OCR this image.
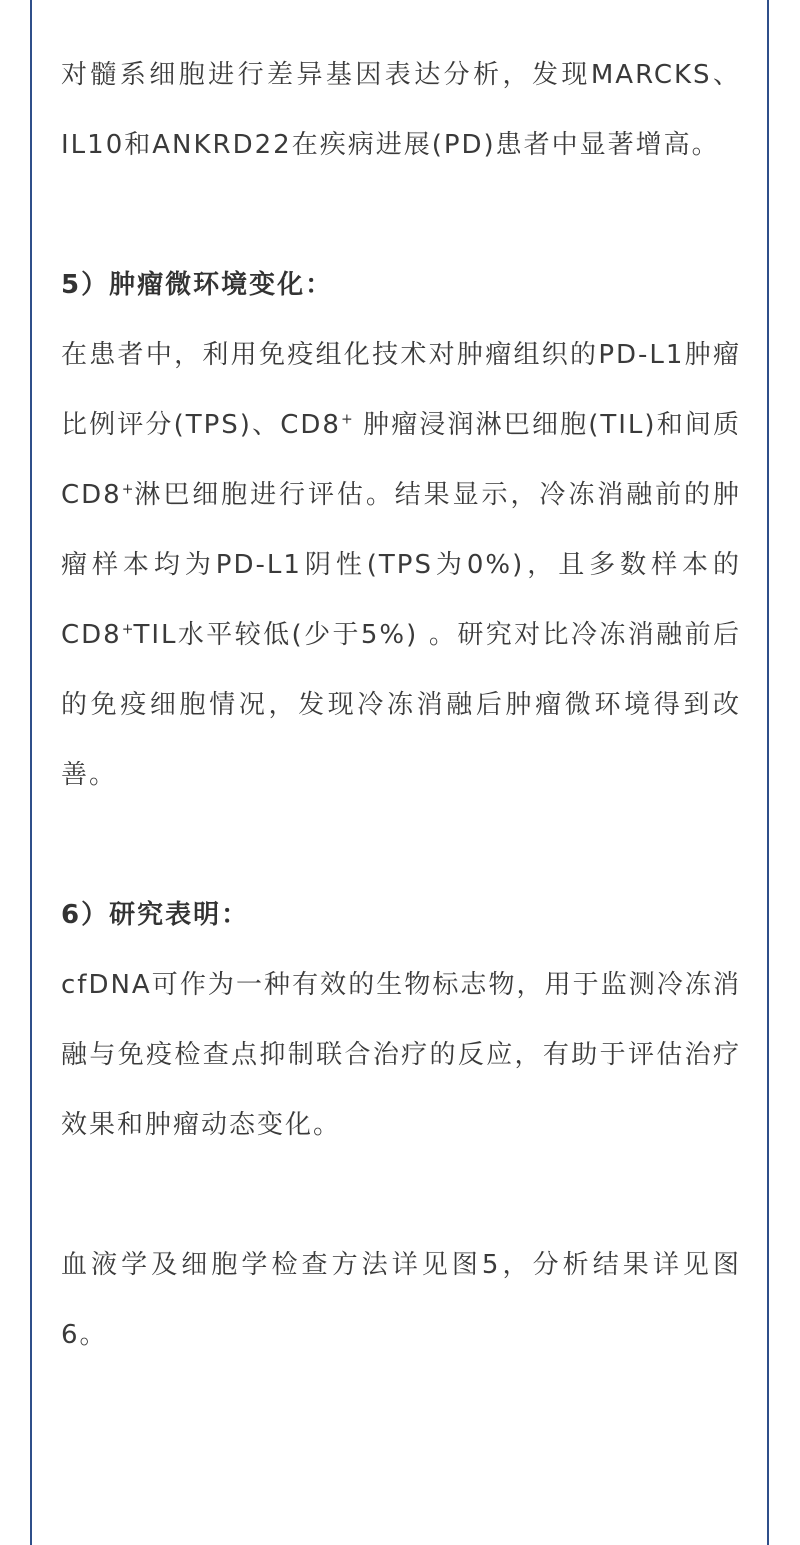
对髓系细胞进行差异基因表达分析，发现MARCKS、IL10和ANKRD22在疾病进展(PD)患者中显著增高。

5）肿瘤微环境变化：

在患者中，利用免疫组化技术对肿瘤组织的PD-L1肿瘤比例评分(TPS)、CD8+ 肿瘤浸润淋巴细胞(TIL)和间质CD8+淋巴细胞进行评估。结果显示，冷冻消融前的肿瘤样本均为PD-L1阴性(TPS为0%)，且多数样本的CD8+TIL水平较低(少于5%) 。研究对比冷冻消融前后的免疫细胞情况，发现冷冻消融后肿瘤微环境得到改善。

6）研究表明：

cfDNA可作为一种有效的生物标志物，用于监测冷冻消融与免疫检查点抑制联合治疗的反应，有助于评估治疗效果和肿瘤动态变化。

血液学及细胞学检查方法详见图5，分析结果详见图6。
